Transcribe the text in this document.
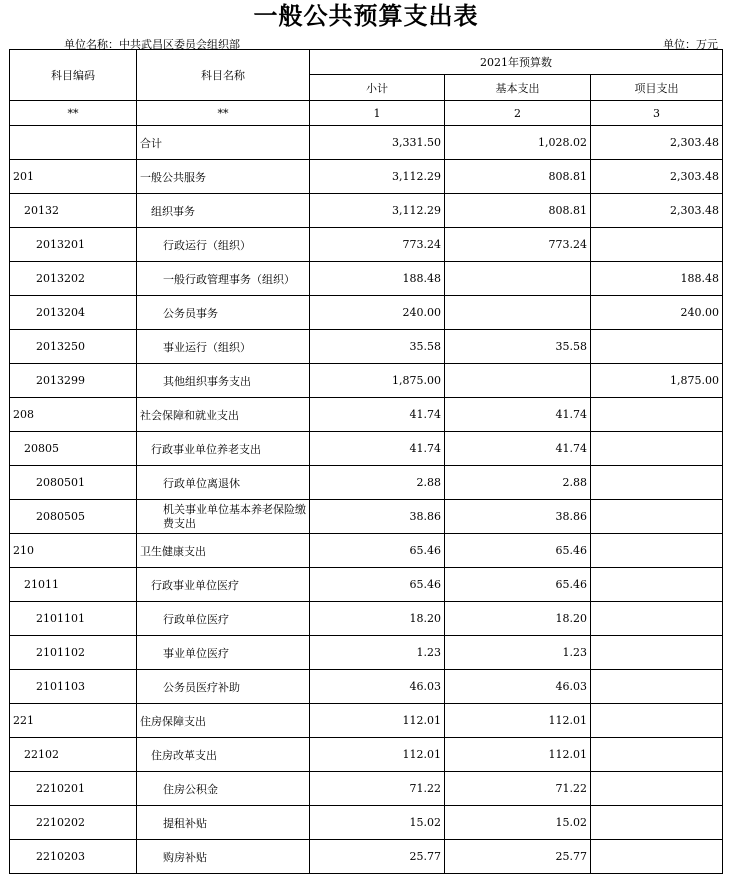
一般公共预算支出表
单位名称：中共武昌区委员会组织部	单位：万元
科目编码	科目名称	2021年预算数		
		小计	基本支出	项目支出
**	**	1	2	3
	合计	3,331.50	1,028.02	2,303.48
201	一般公共服务	3,112.29	808.81	2,303.48
20132	组织事务	3,112.29	808.81	2,303.48
2013201	行政运行（组织）	773.24	773.24	
2013202	一般行政管理事务（组织）	188.48		188.48
2013204	公务员事务	240.00		240.00
2013250	事业运行（组织）	35.58	35.58	
2013299	其他组织事务支出	1,875.00		1,875.00
208	社会保障和就业支出	41.74	41.74	
20805	行政事业单位养老支出	41.74	41.74	
2080501	行政单位离退休	2.88	2.88	
2080505	机关事业单位基本养老保险缴费支出	38.86	38.86	
210	卫生健康支出	65.46	65.46	
21011	行政事业单位医疗	65.46	65.46	
2101101	行政单位医疗	18.20	18.20	
2101102	事业单位医疗	1.23	1.23	
2101103	公务员医疗补助	46.03	46.03	
221	住房保障支出	112.01	112.01	
22102	住房改革支出	112.01	112.01	
2210201	住房公积金	71.22	71.22	
2210202	提租补贴	15.02	15.02	
2210203	购房补贴	25.77	25.77	
